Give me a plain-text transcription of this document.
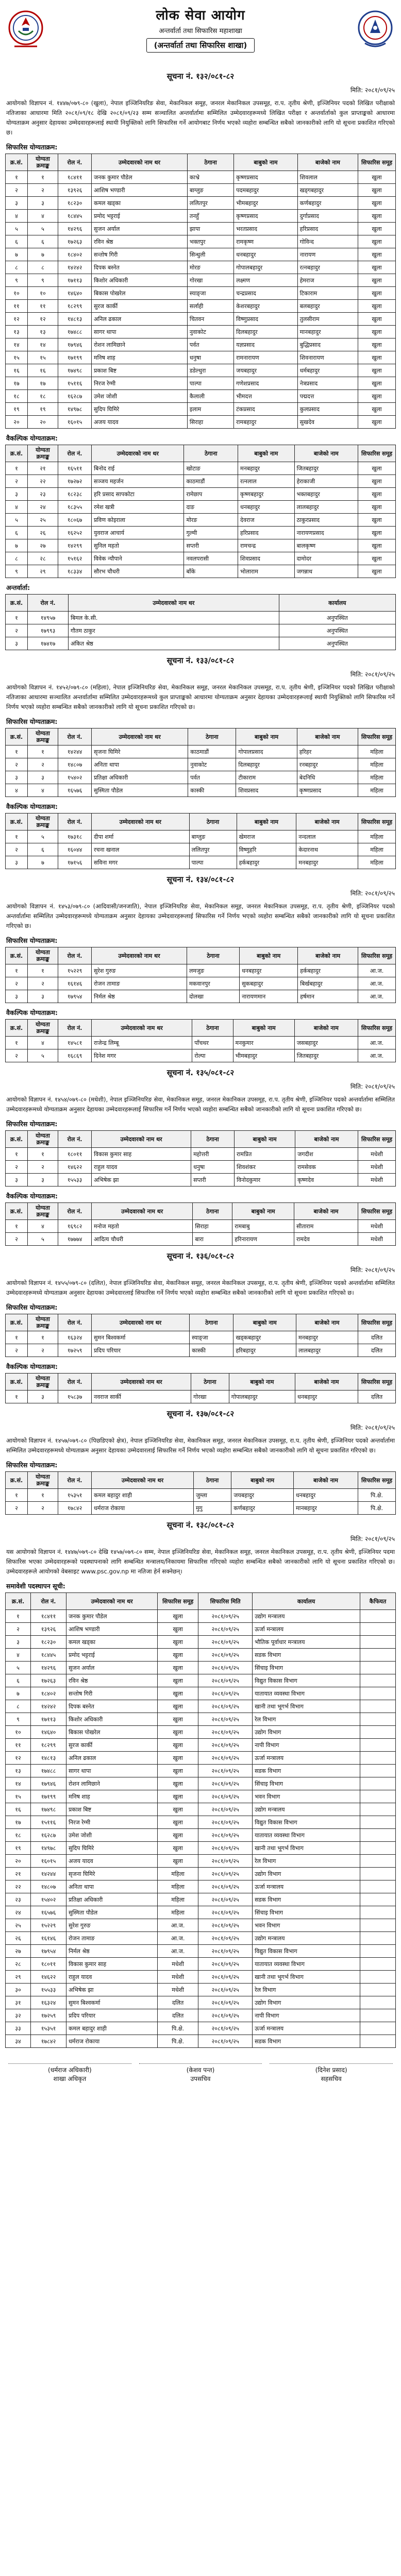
लोक सेवा आयोग
अन्तर्वार्ता तथा सिफारिस महाशाखा
(अन्तर्वार्ता तथा सिफारिस शाखा)
सूचना नं. १३२/०८१-८२
मिति: २०८१/०९/२५
आयोगको विज्ञापन नं. १४४७/०७९-८० (खुला), नेपाल इञ्जिनियरिङ सेवा, मेकानिकल समूह, जनरल मेकानिकल उपसमूह, रा.प. तृतीय श्रेणी, इञ्जिनियर पदको लिखित परीक्षाको नतिजाका आधारमा मिति २०८१/०९/१८ देखि २०८१/०९/२३ सम्म सञ्चालित अन्तर्वार्तामा सम्मिलित उम्मेदवारहरूमध्ये लिखित परीक्षा र अन्तर्वार्ताको कुल प्राप्ताङ्कको आधारमा योग्यताक्रम अनुसार देहायका उम्मेदवारहरूलाई स्थायी नियुक्तिको लागि सिफारिस गर्ने आयोगबाट निर्णय भएको व्यहोरा सम्बन्धित सबैको जानकारीको लागि यो सूचना प्रकाशित गरिएको छ।
सिफारिस योग्यताक्रम:
क्र.सं.	योग्यता क्रमाङ्क	रोल नं.	उम्मेदवारको नाम थर	ठेगाना	बाबुको नाम	बाजेको नाम	सिफारिस समूह
१	१	१८४११	जनक कुमार पौडेल	काभ्रे	कृष्णप्रसाद	शिवलाल	खुला
२	२	१३९२६	आशिष भण्डारी	बाग्लुङ	पदमबहादुर	खड्गबहादुर	खुला
३	३	१८२३०	कमल खड्का	ललितपुर	भीमबहादुर	कर्णबहादुर	खुला
४	४	१८४४५	प्रमोद भट्टराई	तनहुँ	कृष्णप्रसाद	दुर्गाप्रसाद	खुला
५	५	१४२९६	सुजन अर्याल	झापा	भरतप्रसाद	हरिप्रसाद	खुला
६	६	१७२६३	रविन श्रेष्ठ	भक्तपुर	रामकृष्ण	गोविन्द	खुला
७	७	१८४०२	सन्तोष गिरी	सिन्धुली	धनबहादुर	नारायण	खुला
८	८	१४२४२	दिपक बस्नेत	मोरङ	गोपालबहादुर	रत्नबहादुर	खुला
९	९	१७११३	किशोर अधिकारी	गोरखा	लक्ष्मण	हेमराज	खुला
१०	१०	१४६४०	बिकास पोखरेल	स्याङ्जा	चन्द्रप्रसाद	टिकाराम	खुला
११	११	१८२९९	सुरज कार्की	सर्लाही	केशरबहादुर	बलबहादुर	खुला
१२	१२	१४८१३	अनिल ढकाल	चितवन	विष्णुप्रसाद	तुलसीराम	खुला
१३	१३	१७४८८	सागर थापा	नुवाकोट	दिलबहादुर	मानबहादुर	खुला
१४	१४	१७९४६	रोशन लामिछाने	पर्वत	यज्ञप्रसाद	बुद्धिप्रसाद	खुला
१५	१५	१७१९९	मनिष शाह	धनुषा	रामनारायण	शिवनारायण	खुला
१६	१६	१७४९८	प्रकाश बिष्ट	डडेल्धुरा	जयबहादुर	धर्मबहादुर	खुला
१७	१७	१५११६	निरज रेग्मी	पाल्पा	गणेशप्रसाद	नेत्रप्रसाद	खुला
१८	१८	१६२८७	उमेश जोशी	कैलाली	भीमदत्त	पद्मदत्त	खुला
१९	१९	१४९७८	सुदिप घिमिरे	इलाम	टंकप्रसाद	कुलप्रसाद	खुला
२०	२०	१६०१५	अजय यादव	सिराहा	रामबहादुर	सुखदेव	खुला
वैकल्पिक योग्यताक्रम:
क्र.सं.	योग्यता क्रमाङ्क	रोल नं.	उम्मेदवारको नाम थर	ठेगाना	बाबुको नाम	बाजेको नाम	सिफारिस समूह
१	२१	१६५११	बिनोद राई	खोटाङ	मनबहादुर	जितबहादुर	खुला
२	२२	१७२७२	सञ्जय महर्जन	काठमाडौं	रत्नलाल	हेराकाजी	खुला
३	२३	१८२३८	हरि प्रसाद सापकोटा	रामेछाप	कृष्णबहादुर	भक्तबहादुर	खुला
४	२४	१८३५५	रमेश खत्री	दाङ	धनबहादुर	लालबहादुर	खुला
५	२५	१८०६७	प्रविण कोइराला	मोरङ	देवराज	ठाकुरप्रसाद	खुला
६	२६	१६२५२	युवराज आचार्य	गुल्मी	हरिप्रसाद	नारायणप्रसाद	खुला
७	२७	१४२९९	सुनिल महतो	सप्तरी	रामचन्द्र	बालकृष्ण	खुला
८	२८	१५१६२	विवेक न्यौपाने	नवलपरासी	शिवप्रसाद	दामोदर	खुला
९	२९	१८३३४	सौरभ चौधरी	बाँके	भोलाराम	जगन्नाथ	खुला
अन्तर्वार्ता:
क्र.सं.	रोल नं.	उम्मेदवारको नाम थर	कार्यालय
१	१४९५७	बिमल के.सी.	अनुपस्थित
२	१७९९३	गौतम ठाकुर	अनुपस्थित
३	१७४१७	अंकित श्रेष्ठ	अनुपस्थित
सूचना नं. १३३/०८१-८२
मिति: २०८१/०९/२५
आयोगको विज्ञापन नं. १४५२/०७९-८० (महिला), नेपाल इञ्जिनियरिङ सेवा, मेकानिकल समूह, जनरल मेकानिकल उपसमूह, रा.प. तृतीय श्रेणी, इञ्जिनियर पदको लिखित परीक्षाको नतिजाका आधारमा सञ्चालित अन्तर्वार्तामा सम्मिलित उम्मेदवारहरूमध्ये कुल प्राप्ताङ्कको आधारमा योग्यताक्रम अनुसार देहायका उम्मेदवारहरूलाई स्थायी नियुक्तिको लागि सिफारिस गर्ने निर्णय भएको व्यहोरा सम्बन्धित सबैको जानकारीको लागि यो सूचना प्रकाशित गरिएको छ।
सिफारिस योग्यताक्रम:
क्र.सं.	योग्यता क्रमाङ्क	रोल नं.	उम्मेदवारको नाम थर	ठेगाना	बाबुको नाम	बाजेको नाम	सिफारिस समूह
१	१	१४२४४	सृजना घिमिरे	काठमाडौं	गोपालप्रसाद	हरिहर	महिला
२	२	१४८०७	अनिता थापा	नुवाकोट	दिलबहादुर	रनबहादुर	महिला
३	३	१५४०२	प्रतिक्षा अधिकारी	पर्वत	टीकाराम	बेदनिधि	महिला
४	४	१६५७६	सुस्मिता पौडेल	कास्की	शिवप्रसाद	कृष्णप्रसाद	महिला
वैकल्पिक योग्यताक्रम:
क्र.सं.	योग्यता क्रमाङ्क	रोल नं.	उम्मेदवारको नाम थर	ठेगाना	बाबुको नाम	बाजेको नाम	सिफारिस समूह
१	५	१७३१८	दीपा शर्मा	बाग्लुङ	खेमराज	नन्दलाल	महिला
२	६	१६०४४	रचना खनाल	ललितपुर	विष्णुहरि	केदारनाथ	महिला
३	७	१७१५६	सविना मगर	पाल्पा	हर्कबहादुर	मनबहादुर	महिला
सूचना नं. १३४/०८१-८२
मिति: २०८१/०९/२५
आयोगको विज्ञापन नं. १४५३/०७९-८० (आदिवासी/जनजाति), नेपाल इञ्जिनियरिङ सेवा, मेकानिकल समूह, जनरल मेकानिकल उपसमूह, रा.प. तृतीय श्रेणी, इञ्जिनियर पदको अन्तर्वार्तामा सम्मिलित उम्मेदवारहरूमध्ये योग्यताक्रम अनुसार देहायका उम्मेदवारहरूलाई सिफारिस गर्ने निर्णय भएको व्यहोरा सम्बन्धित सबैको जानकारीको लागि यो सूचना प्रकाशित गरिएको छ।
सिफारिस योग्यताक्रम:
क्र.सं.	योग्यता क्रमाङ्क	रोल नं.	उम्मेदवारको नाम थर	ठेगाना	बाबुको नाम	बाजेको नाम	सिफारिस समूह
१	१	१५२२९	सुरेश गुरुङ	लमजुङ	धनबहादुर	हर्कबहादुर	आ.ज.
२	२	१६१४६	रोजन तामाङ	मकवानपुर	सुकबहादुर	बिर्खबहादुर	आ.ज.
३	३	१७९५४	निर्मल श्रेष्ठ	दोलखा	नारायणमान	हर्षमान	आ.ज.
वैकल्पिक योग्यताक्रम:
क्र.सं.	योग्यता क्रमाङ्क	रोल नं.	उम्मेदवारको नाम थर	ठेगाना	बाबुको नाम	बाजेको नाम	सिफारिस समूह
१	४	१४५८१	राजेन्द्र लिम्बू	पाँचथर	मनकुमार	जसबहादुर	आ.ज.
२	५	१६८६९	दिनेश मगर	रोल्पा	भीमबहादुर	जितबहादुर	आ.ज.
सूचना नं. १३५/०८१-८२
मिति: २०८१/०९/२५
आयोगको विज्ञापन नं. १४५४/०७९-८० (मधेशी), नेपाल इञ्जिनियरिङ सेवा, मेकानिकल समूह, जनरल मेकानिकल उपसमूह, रा.प. तृतीय श्रेणी, इञ्जिनियर पदको अन्तर्वार्तामा सम्मिलित उम्मेदवारहरूमध्ये योग्यताक्रम अनुसार देहायका उम्मेदवारहरूलाई सिफारिस गर्ने निर्णय भएको व्यहोरा सम्बन्धित सबैको जानकारीको लागि यो सूचना प्रकाशित गरिएको छ।
सिफारिस योग्यताक्रम:
क्र.सं.	योग्यता क्रमाङ्क	रोल नं.	उम्मेदवारको नाम थर	ठेगाना	बाबुको नाम	बाजेको नाम	सिफारिस समूह
१	१	१८०११	विकास कुमार साह	महोत्तरी	रामप्रित	जगदीश	मधेशी
२	२	१४६२२	राहुल यादव	धनुषा	शिवशंकर	रामसेवक	मधेशी
३	३	१५५३३	अभिषेक झा	सप्तरी	विनोदकुमार	कृष्णदेव	मधेशी
वैकल्पिक योग्यताक्रम:
क्र.सं.	योग्यता क्रमाङ्क	रोल नं.	उम्मेदवारको नाम थर	ठेगाना	बाबुको नाम	बाजेको नाम	सिफारिस समूह
१	४	१६९८२	मनोज महतो	सिराहा	रामबाबु	सीताराम	मधेशी
२	५	१७७७४	आदित्य चौधरी	बारा	हरिनारायण	रामदेव	मधेशी
सूचना नं. १३६/०८१-८२
मिति: २०८१/०९/२५
आयोगको विज्ञापन नं. १४५५/०७९-८० (दलित), नेपाल इञ्जिनियरिङ सेवा, मेकानिकल समूह, जनरल मेकानिकल उपसमूह, रा.प. तृतीय श्रेणी, इञ्जिनियर पदको अन्तर्वार्तामा सम्मिलित उम्मेदवारहरूमध्ये योग्यताक्रम अनुसार देहायका उम्मेदवारलाई सिफारिस गर्ने निर्णय भएको व्यहोरा सम्बन्धित सबैको जानकारीको लागि यो सूचना प्रकाशित गरिएको छ।
सिफारिस योग्यताक्रम:
क्र.सं.	योग्यता क्रमाङ्क	रोल नं.	उम्मेदवारको नाम थर	ठेगाना	बाबुको नाम	बाजेको नाम	सिफारिस समूह
१	१	१६३२४	सुमन बिश्वकर्मा	स्याङ्जा	खड्कबहादुर	मनबहादुर	दलित
२	२	१७२५९	प्रदिप परियार	कास्की	हरिबहादुर	लालबहादुर	दलित
वैकल्पिक योग्यताक्रम:
क्र.सं.	योग्यता क्रमाङ्क	रोल नं.	उम्मेदवारको नाम थर	ठेगाना	बाबुको नाम	बाजेको नाम	सिफारिस समूह
१	३	१५८३७	नवराज सार्की	गोरखा	गोपालबहादुर	धनबहादुर	दलित
सूचना नं. १३७/०८१-८२
मिति: २०८१/०९/२५
आयोगको विज्ञापन नं. १४५७/०७९-८० (पिछडिएको क्षेत्र), नेपाल इञ्जिनियरिङ सेवा, मेकानिकल समूह, जनरल मेकानिकल उपसमूह, रा.प. तृतीय श्रेणी, इञ्जिनियर पदको अन्तर्वार्तामा सम्मिलित उम्मेदवारहरूमध्ये योग्यताक्रम अनुसार देहायका उम्मेदवारलाई सिफारिस गर्ने निर्णय भएको व्यहोरा सम्बन्धित सबैको जानकारीको लागि यो सूचना प्रकाशित गरिएको छ।
सिफारिस योग्यताक्रम:
क्र.सं.	योग्यता क्रमाङ्क	रोल नं.	उम्मेदवारको नाम थर	ठेगाना	बाबुको नाम	बाजेको नाम	सिफारिस समूह
१	१	१५३५१	कमल बहादुर शाही	जुम्ला	जयबहादुर	धनबहादुर	पि.क्षे.
२	२	१७८४२	धर्मराज रोकाया	मुगु	कर्णबहादुर	मानबहादुर	पि.क्षे.
सूचना नं. १३८/०८१-८२
मिति: २०८१/०९/२५
यस आयोगको विज्ञापन नं. १४४७/०७९-८० देखि १४५७/०७९-८० सम्म, नेपाल इञ्जिनियरिङ सेवा, मेकानिकल समूह, जनरल मेकानिकल उपसमूह, रा.प. तृतीय श्रेणी, इञ्जिनियर पदमा सिफारिस भएका उम्मेदवारहरूको पदस्थापनाको लागि सम्बन्धित मन्त्रालय/निकायमा सिफारिस गरिएको व्यहोरा सम्बन्धित सबैको जानकारीको लागि यो सूचना प्रकाशित गरिएको छ। उम्मेदवारहरूले आयोगको वेबसाइट www.psc.gov.np मा नतिजा हेर्न सक्नेछन्।
समावेशी पदस्थापन सूची:
क्र.सं.	रोल नं.	उम्मेदवारको नाम थर	सिफारिस समूह	सिफारिस मिति	कार्यालय	कैफियत
१	१८४११	जनक कुमार पौडेल	खुला	२०८१/०९/२५	उद्योग मन्त्रालय	
२	१३९२६	आशिष भण्डारी	खुला	२०८१/०९/२५	ऊर्जा मन्त्रालय	
३	१८२३०	कमल खड्का	खुला	२०८१/०९/२५	भौतिक पूर्वाधार मन्त्रालय	
४	१८४४५	प्रमोद भट्टराई	खुला	२०८१/०९/२५	सडक विभाग	
५	१४२९६	सुजन अर्याल	खुला	२०८१/०९/२५	सिंचाइ विभाग	
६	१७२६३	रविन श्रेष्ठ	खुला	२०८१/०९/२५	विद्युत विकास विभाग	
७	१८४०२	सन्तोष गिरी	खुला	२०८१/०९/२५	यातायात व्यवस्था विभाग	
८	१४२४२	दिपक बस्नेत	खुला	२०८१/०९/२५	खानी तथा भूगर्भ विभाग	
९	१७११३	किशोर अधिकारी	खुला	२०८१/०९/२५	रेल विभाग	
१०	१४६४०	बिकास पोखरेल	खुला	२०८१/०९/२५	उद्योग विभाग	
११	१८२९९	सुरज कार्की	खुला	२०८१/०९/२५	नापी विभाग	
१२	१४८१३	अनिल ढकाल	खुला	२०८१/०९/२५	ऊर्जा मन्त्रालय	
१३	१७४८८	सागर थापा	खुला	२०८१/०९/२५	सडक विभाग	
१४	१७९४६	रोशन लामिछाने	खुला	२०८१/०९/२५	सिंचाइ विभाग	
१५	१७१९९	मनिष शाह	खुला	२०८१/०९/२५	भवन विभाग	
१६	१७४९८	प्रकाश बिष्ट	खुला	२०८१/०९/२५	उद्योग मन्त्रालय	
१७	१५११६	निरज रेग्मी	खुला	२०८१/०९/२५	विद्युत विकास विभाग	
१८	१६२८७	उमेश जोशी	खुला	२०८१/०९/२५	यातायात व्यवस्था विभाग	
१९	१४९७८	सुदिप घिमिरे	खुला	२०८१/०९/२५	खानी तथा भूगर्भ विभाग	
२०	१६०१५	अजय यादव	खुला	२०८१/०९/२५	रेल विभाग	
२१	१४२४४	सृजना घिमिरे	महिला	२०८१/०९/२५	उद्योग विभाग	
२२	१४८०७	अनिता थापा	महिला	२०८१/०९/२५	ऊर्जा मन्त्रालय	
२३	१५४०२	प्रतिक्षा अधिकारी	महिला	२०८१/०९/२५	सडक विभाग	
२४	१६५७६	सुस्मिता पौडेल	महिला	२०८१/०९/२५	सिंचाइ विभाग	
२५	१५२२९	सुरेश गुरुङ	आ.ज.	२०८१/०९/२५	भवन विभाग	
२६	१६१४६	रोजन तामाङ	आ.ज.	२०८१/०९/२५	उद्योग मन्त्रालय	
२७	१७९५४	निर्मल श्रेष्ठ	आ.ज.	२०८१/०९/२५	विद्युत विकास विभाग	
२८	१८०११	विकास कुमार साह	मधेशी	२०८१/०९/२५	यातायात व्यवस्था विभाग	
२९	१४६२२	राहुल यादव	मधेशी	२०८१/०९/२५	खानी तथा भूगर्भ विभाग	
३०	१५५३३	अभिषेक झा	मधेशी	२०८१/०९/२५	रेल विभाग	
३१	१६३२४	सुमन बिश्वकर्मा	दलित	२०८१/०९/२५	उद्योग विभाग	
३२	१७२५९	प्रदिप परियार	दलित	२०८१/०९/२५	नापी विभाग	
३३	१५३५१	कमल बहादुर शाही	पि.क्षे.	२०८१/०९/२५	ऊर्जा मन्त्रालय	
३४	१७८४२	धर्मराज रोकाया	पि.क्षे.	२०८१/०९/२५	सडक विभाग	
(धर्मराज अधिकारी)
शाखा अधिकृत
(केशव पन्त)
उपसचिव
(दिनेश प्रसाद)
सहसचिव
